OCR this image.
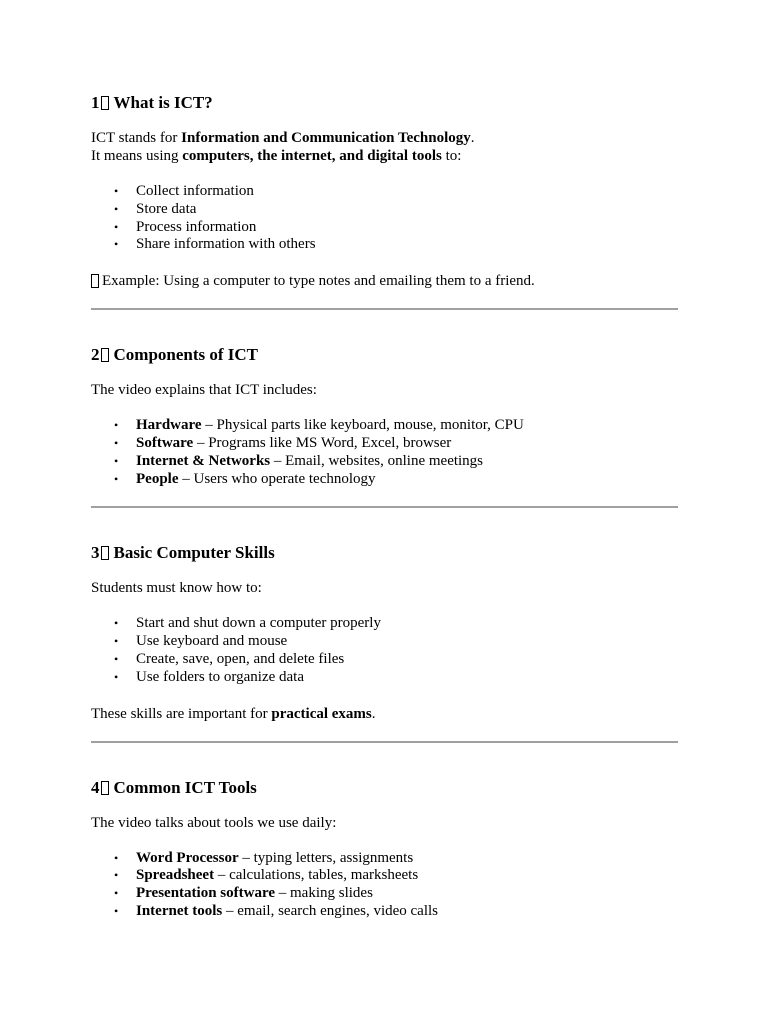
1 What is ICT?

ICT stands for Information and Communication Technology.

It means using computers, the internet, and digital tools to:

• Collect information
• Store data
• Process information
• Share information with others

Example: Using a computer to type notes and emailing them to a friend.

2 Components of ICT

The video explains that ICT includes:

• Hardware – Physical parts like keyboard, mouse, monitor, CPU
• Software – Programs like MS Word, Excel, browser
• Internet & Networks – Email, websites, online meetings
• People – Users who operate technology
3 Basic Computer Skills

Students must know how to:

• Start and shut down a computer properly
• Use keyboard and mouse
• Create, save, open, and delete files
• Use folders to organize data

These skills are important for practical exams.

4 Common ICT Tools

The video talks about tools we use daily:

• Word Processor – typing letters, assignments
• Spreadsheet – calculations, tables, marksheets
• Presentation software – making slides
• Internet tools – email, search engines, video calls
